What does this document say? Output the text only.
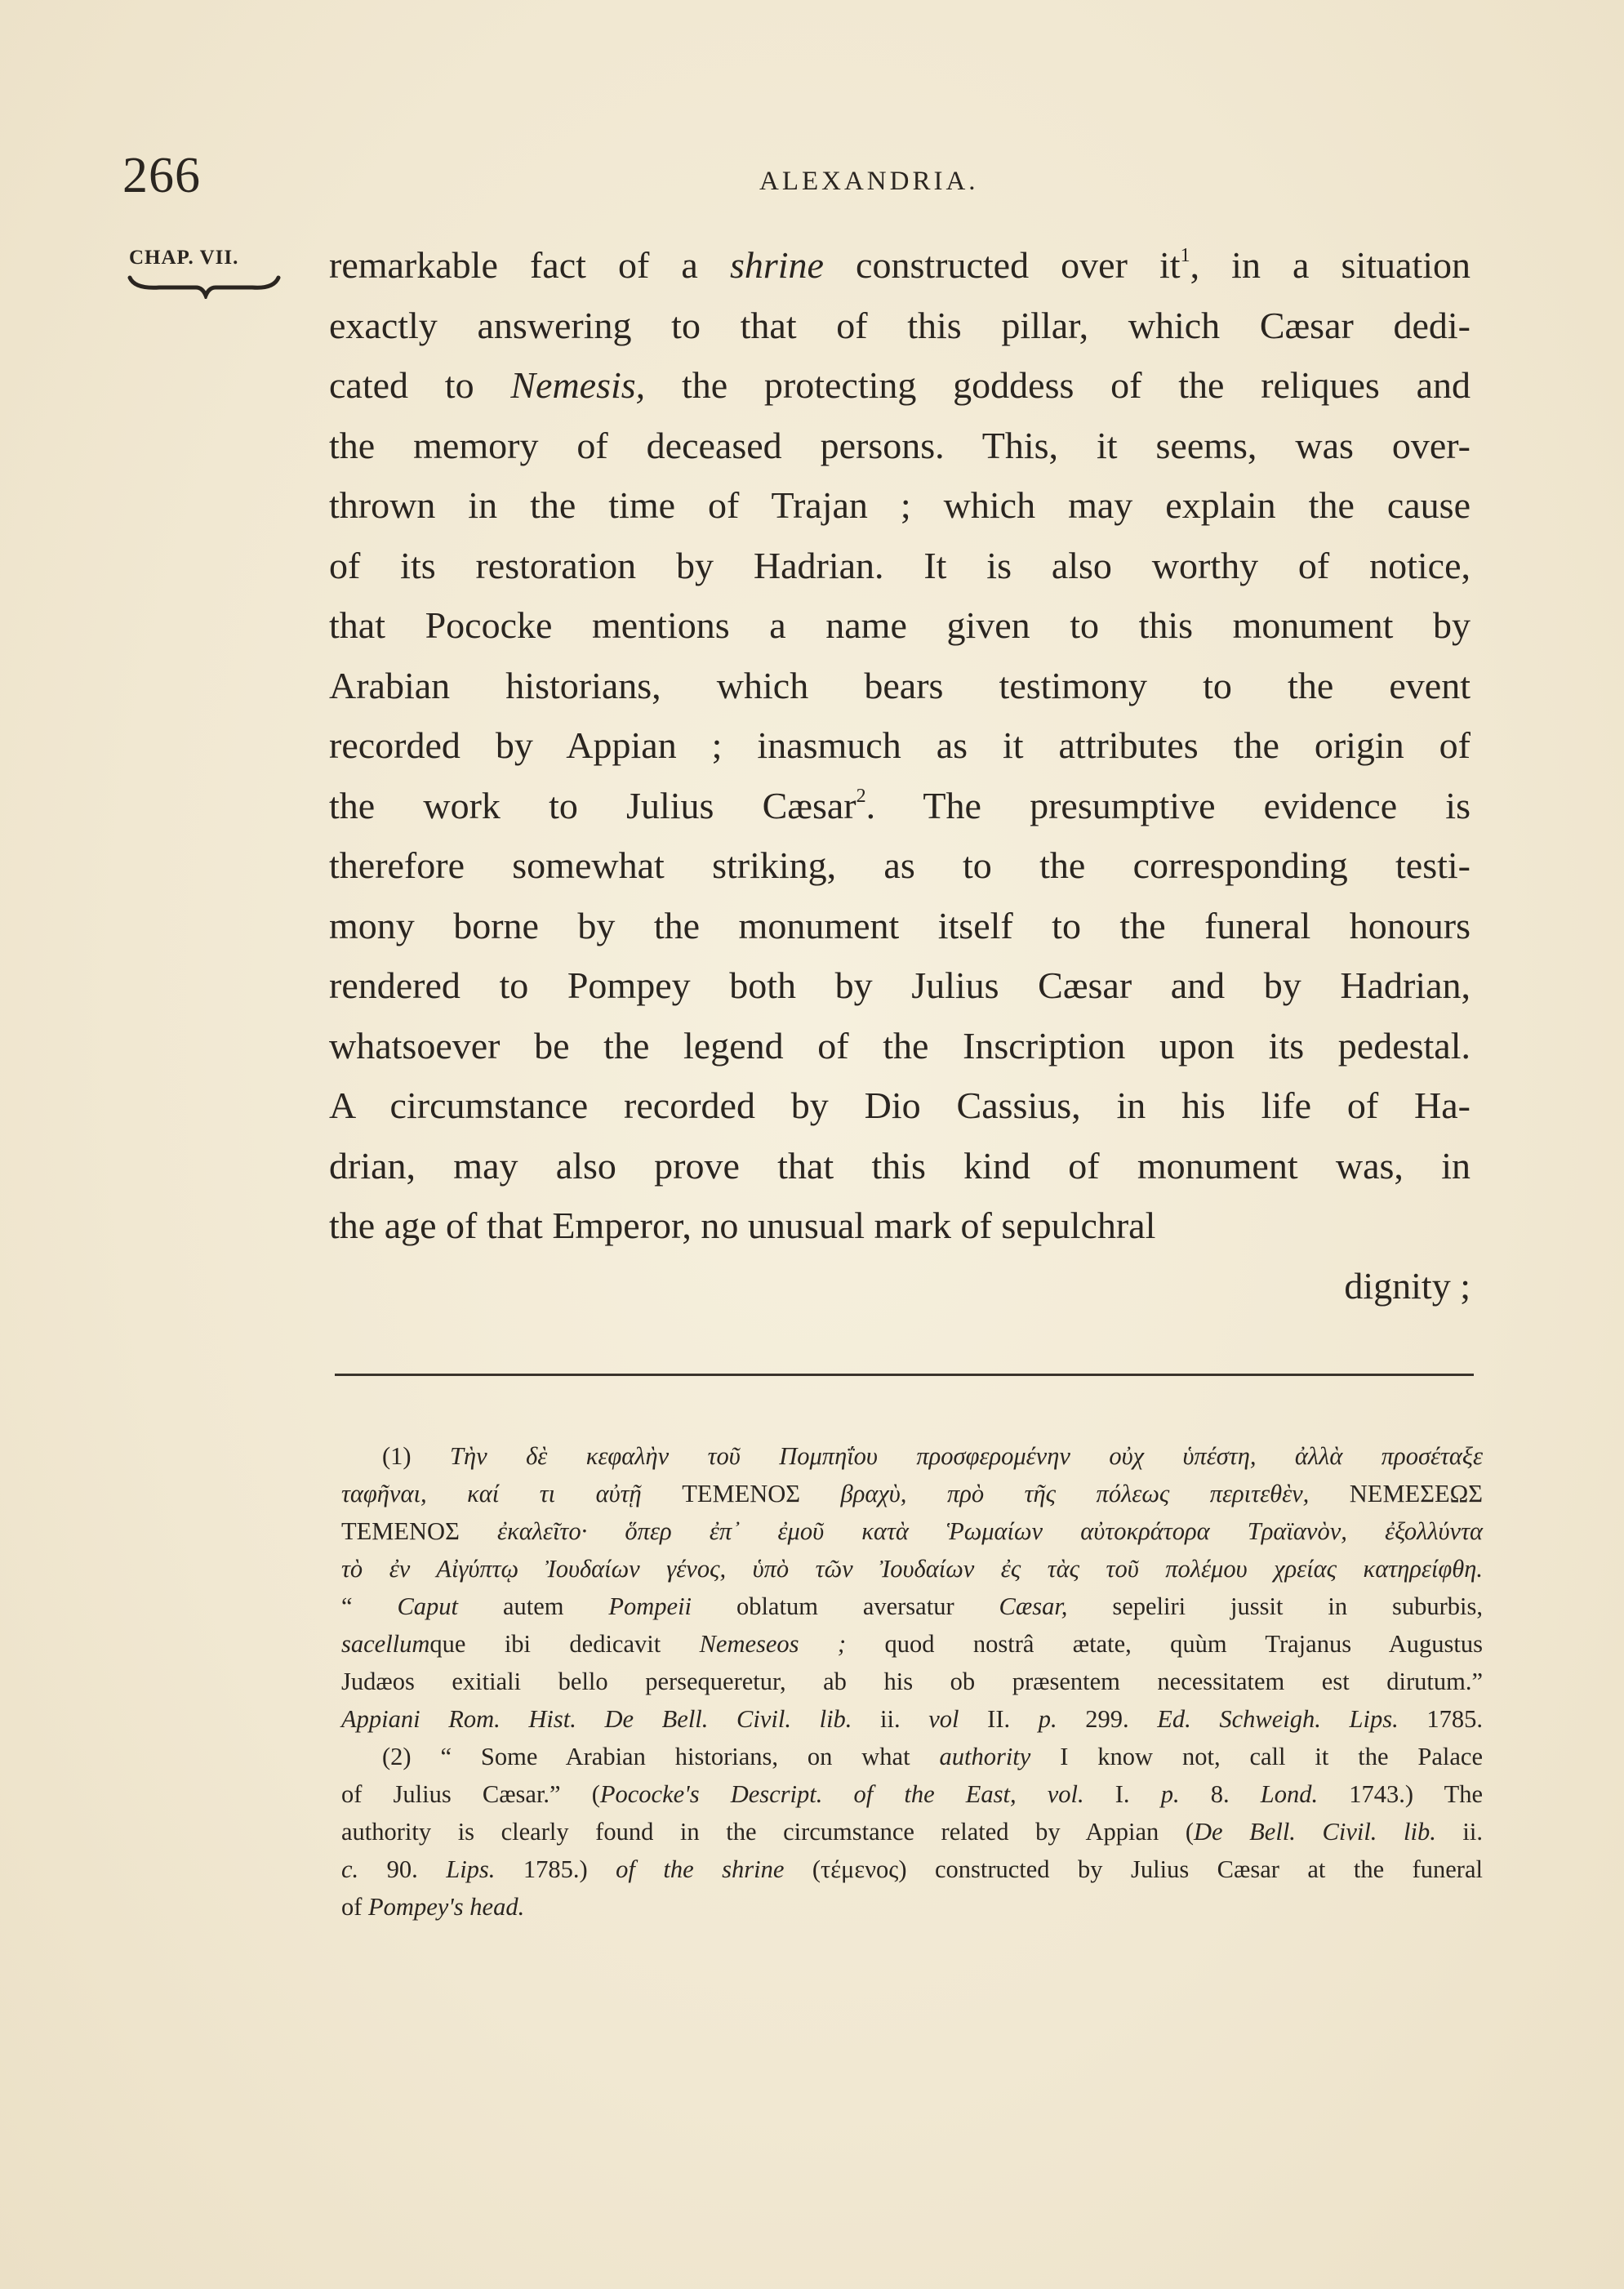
266	ALEXANDRIA.
CHAP. VII. remarkable fact of a shrine constructed over $it^1$, in a situation
exactly answering to that of this pillar, which Cæsar dedi-
cated to Nemesis, the protecting goddess of the reliques and
the memory of deceased persons. This, it seems, was over-
thrown in the time of Trajan ; which may explain the cause
of its restoration by Hadrian. It is also worthy of notice,
that Pococke mentions a name given to this monument by
Arabian historians, which bears testimony to the event
recorded by Appian ; inasmuch as it attributes the origin of
the work to Julius Cæsar$^2$. The presumptive evidence is
therefore somewhat striking, as to the corresponding testi-
mony borne by the monument itself to the funeral honours
rendered to Pompey both by Julius Cæsar and by Hadrian,
whatsoever be the legend of the Inscription upon its pedestal.
A circumstance recorded by Dio Cassius, in his life of Ha-
drian, may also prove that this kind of monument was, in
the age of that Emperor, no unusual mark of sepulchral
dignity ;
(1) Τὴν δὲ κεφαλὴν τοῦ Πομπηΐου προσφερομένην οὐχ ὑπέστη, ἀλλὰ προσέταξε
ταφῆναι, καί τι αὐτῇ ΤΕΜΕΝΟΣ βραχὺ, πρὸ τῆς πόλεως περιτεθὲν, ΝΕΜΕΣΕΩΣ
ΤΕΜΕΝΟΣ ἐκαλεῖτο· ὅπερ ἐπ᾽ ἐμοῦ κατὰ Ῥωμαίων αὐτοκράτορα Τραϊανὸν, ἐξολλύντα
τὸ ἐν Αἰγύπτῳ Ἰουδαίων γένος, ὑπὸ τῶν Ἰουδαίων ἐς τὰς τοῦ πολέμου χρείας κατηρείφθη.
“ Caput autem Pompeii oblatum aversatur Cæsar, sepeliri jussit in suburbis,
sacellumque ibi dedicavit Nemeseos ; quod nostrâ ætate, quùm Trajanus Augustus
Judæos exitiali bello persequeretur, ab his ob præsentem necessitatem est dirutum.”
Appiani Rom. Hist. De Bell. Civil. lib. ii. vol II. p. 299. Ed. Schweigh. Lips. 1785.
(2) “ Some Arabian historians, on what authority I know not, call it the Palace
of Julius Cæsar.” (Pococke's Descript. of the East, vol. I. p. 8. Lond. 1743.) The
authority is clearly found in the circumstance related by Appian (De Bell. Civil. lib. ii.
c. 90. Lips. 1785.) of the shrine (τέμενος) constructed by Julius Cæsar at the funeral
of Pompey's head.
